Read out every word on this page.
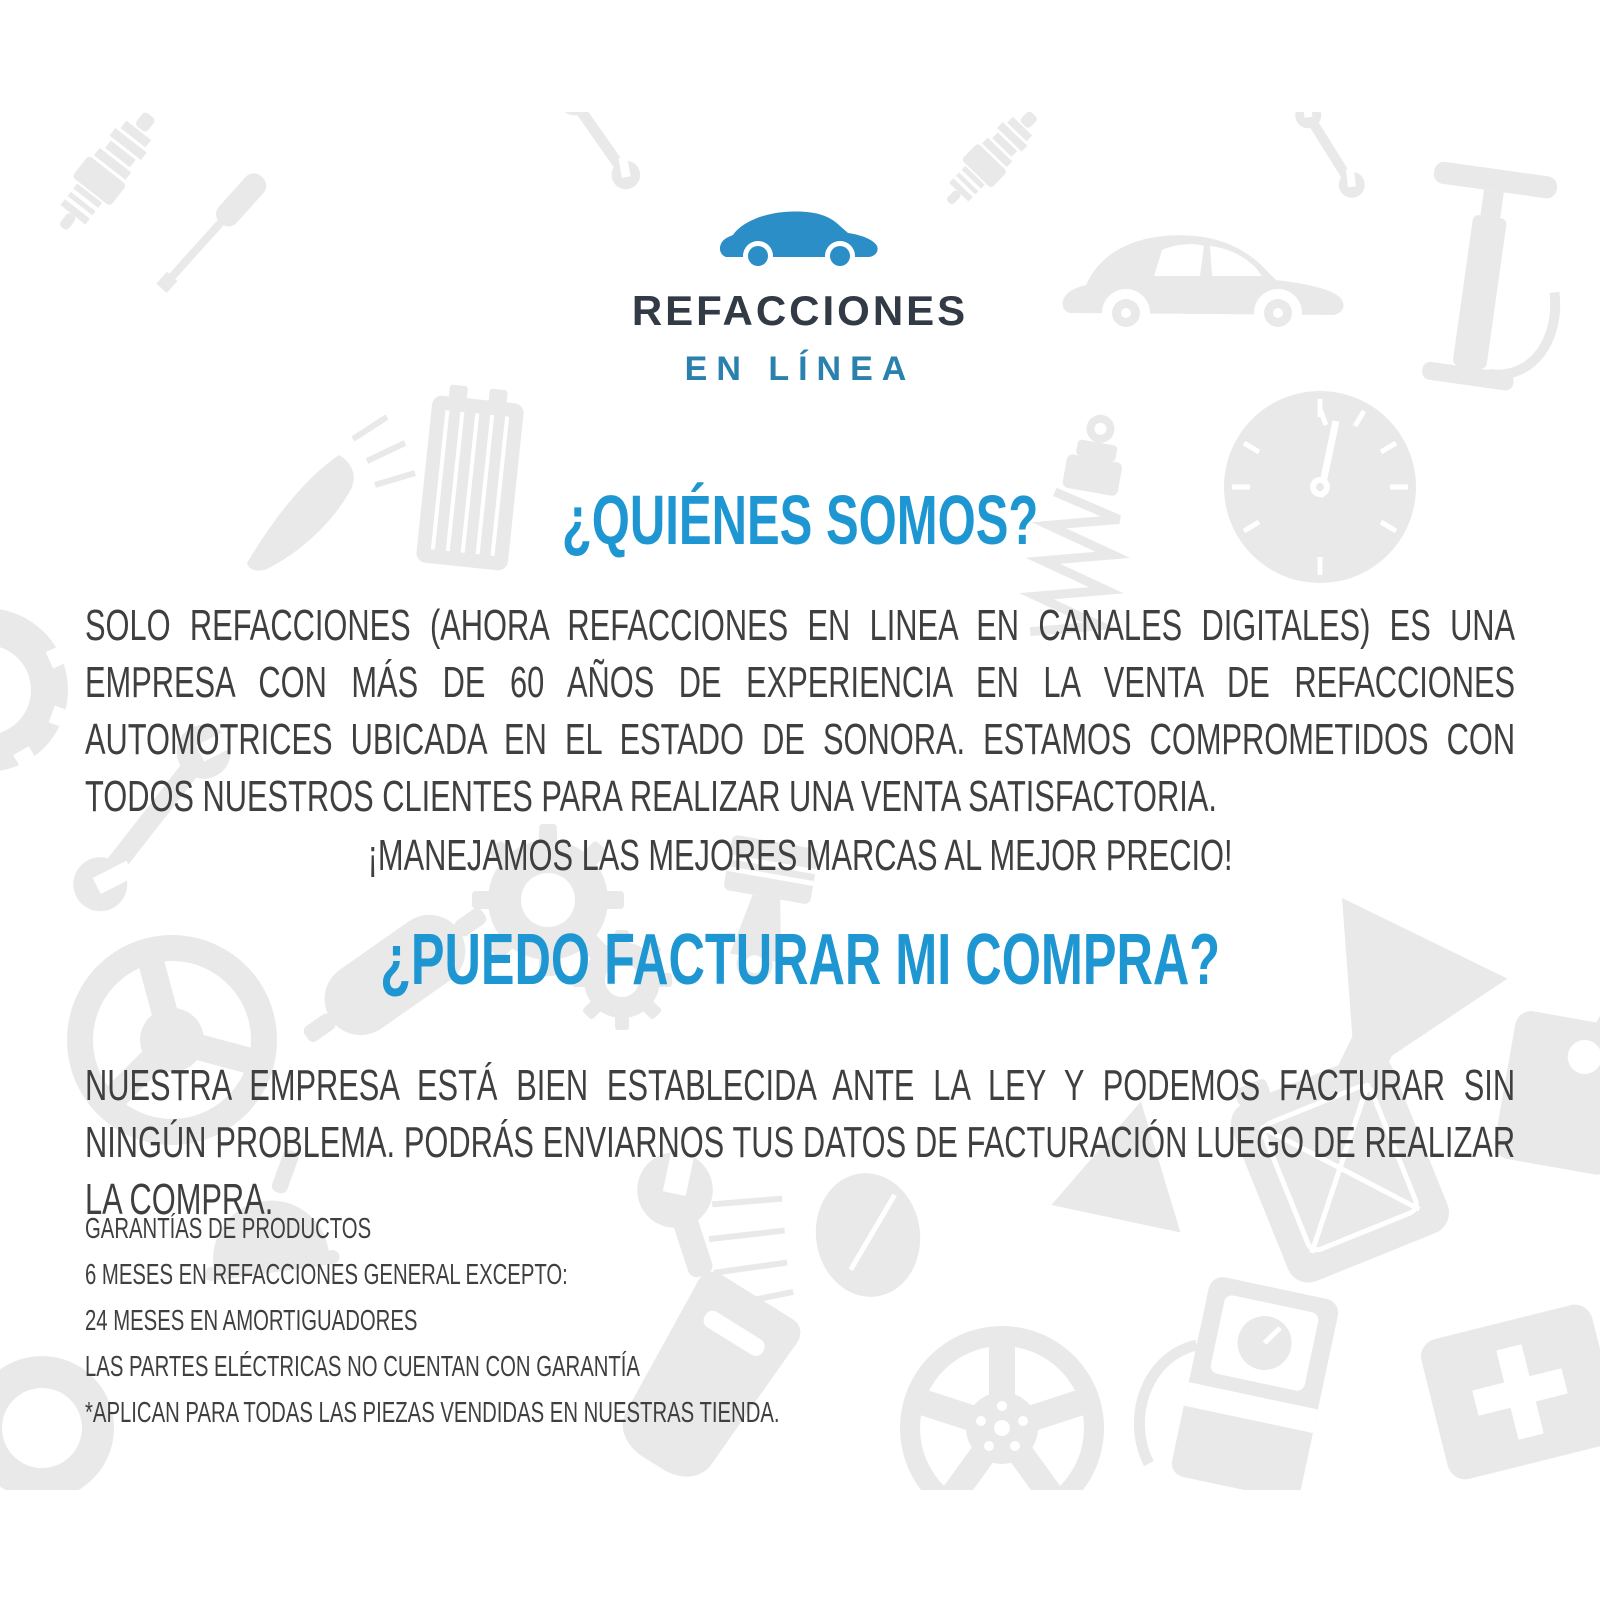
REFACCIONES
EN LÍNEA
¿QUIÉNES SOMOS?

SOLO REFACCIONES (AHORA REFACCIONES EN LINEA EN CANALES DIGITALES) ES UNA EMPRESA CON MÁS DE 60 AÑOS DE EXPERIENCIA EN LA VENTA DE REFACCIONES AUTOMOTRICES UBICADA EN EL ESTADO DE SONORA. ESTAMOS COMPROMETIDOS CON TODOS NUESTROS CLIENTES PARA REALIZAR UNA VENTA SATISFACTORIA.

¡MANEJAMOS LAS MEJORES MARCAS AL MEJOR PRECIO!

¿PUEDO FACTURAR MI COMPRA?

NUESTRA EMPRESA ESTÁ BIEN ESTABLECIDA ANTE LA LEY Y PODEMOS FACTURAR SIN NINGÚN PROBLEMA. PODRÁS ENVIARNOS TUS DATOS DE FACTURACIÓN LUEGO DE REALIZAR LA COMPRA.

GARANTÍAS DE PRODUCTOS
6 MESES EN REFACCIONES GENERAL EXCEPTO:
24 MESES EN AMORTIGUADORES
LAS PARTES ELÉCTRICAS NO CUENTAN CON GARANTÍA
*APLICAN PARA TODAS LAS PIEZAS VENDIDAS EN NUESTRAS TIENDA.
